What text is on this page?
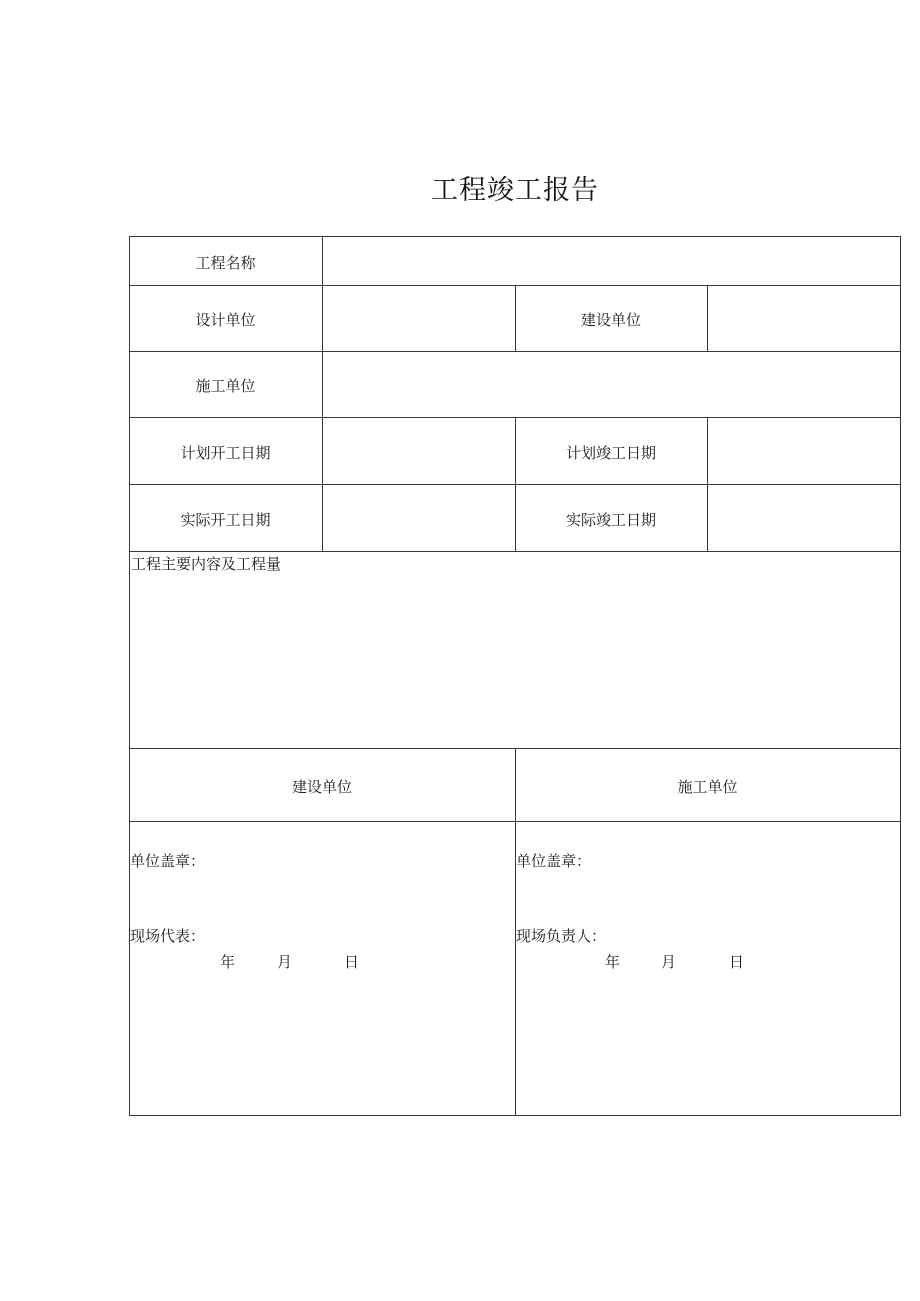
工程竣工报告
工程名称
设计单位	建设单位
施工单位
计划开工日期	计划竣工日期
实际开工日期	实际竣工日期
工程主要内容及工程量
建设单位	施工单位
单位盖章：
现场代表：
年	月	日
单位盖章：
现场负责人：
年	月	日
